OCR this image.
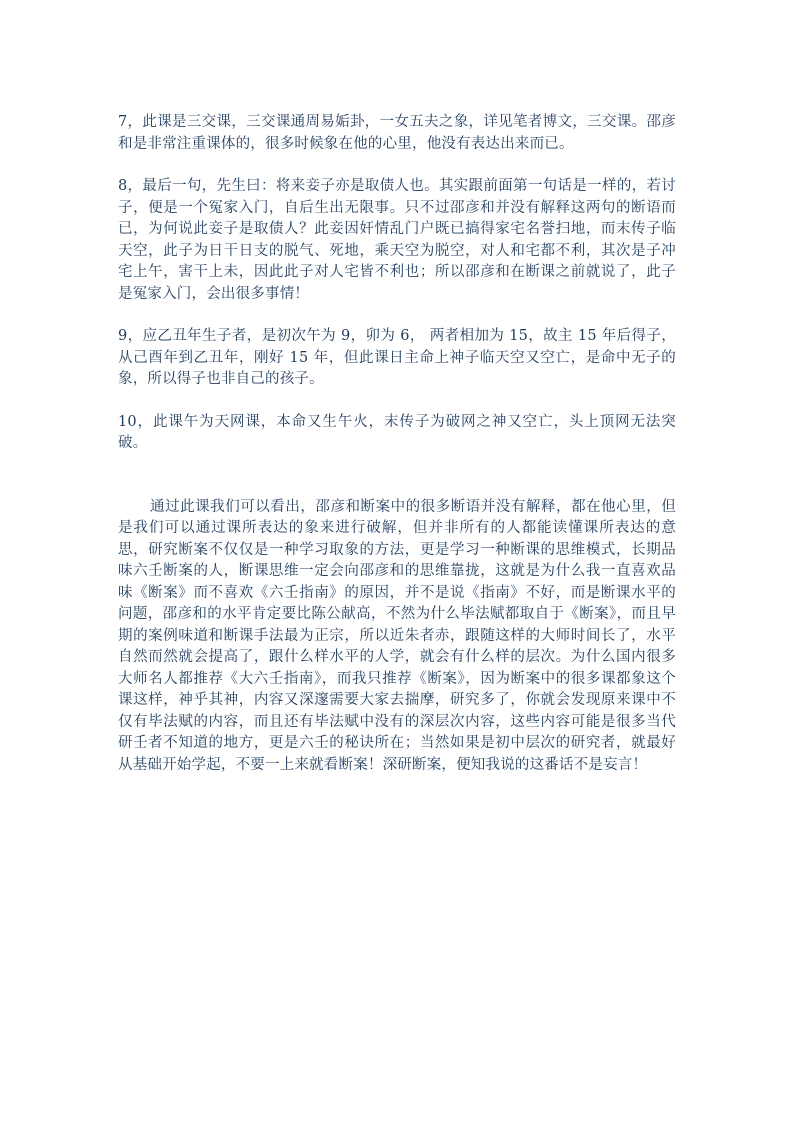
7，此课是三交课，三交课通周易姤卦，一女五夫之象，详见笔者博文，三交课。邵彦和是非常注重课体的，很多时候象在他的心里，他没有表达出来而已。

8，最后一句，先生曰：将来妾子亦是取债人也。其实跟前面第一句话是一样的，若讨子，便是一个冤家入门，自后生出无限事。只不过邵彦和并没有解释这两句的断语而已，为何说此妾子是取债人？此妾因奸情乱门户既已搞得家宅名誉扫地，而末传子临天空，此子为日干日支的脱气、死地，乘天空为脱空，对人和宅都不利，其次是子冲宅上午，害干上未，因此此子对人宅皆不利也；所以邵彦和在断课之前就说了，此子是冤家入门，会出很多事情！

9，应乙丑年生子者，是初次午为 9，卯为 6， 两者相加为 15，故主 15 年后得子，从己酉年到乙丑年，刚好 15 年，但此课日主命上神子临天空又空亡，是命中无子的象，所以得子也非自己的孩子。

10，此课午为天网课，本命又生午火，末传子为破网之神又空亡，头上顶网无法突破。

通过此课我们可以看出，邵彦和断案中的很多断语并没有解释，都在他心里，但是我们可以通过课所表达的象来进行破解，但并非所有的人都能读懂课所表达的意思，研究断案不仅仅是一种学习取象的方法，更是学习一种断课的思维模式，长期品味六壬断案的人，断课思维一定会向邵彦和的思维靠拢，这就是为什么我一直喜欢品味《断案》而不喜欢《六壬指南》的原因，并不是说《指南》不好，而是断课水平的问题，邵彦和的水平肯定要比陈公献高，不然为什么毕法赋都取自于《断案》，而且早期的案例味道和断课手法最为正宗，所以近朱者赤，跟随这样的大师时间长了，水平自然而然就会提高了，跟什么样水平的人学，就会有什么样的层次。为什么国内很多大师名人都推荐《大六壬指南》，而我只推荐《断案》，因为断案中的很多课都象这个课这样，神乎其神，内容又深邃需要大家去揣摩，研究多了，你就会发现原来课中不仅有毕法赋的内容，而且还有毕法赋中没有的深层次内容，这些内容可能是很多当代研壬者不知道的地方，更是六壬的秘诀所在；当然如果是初中层次的研究者，就最好从基础开始学起，不要一上来就看断案！深研断案，便知我说的这番话不是妄言！
